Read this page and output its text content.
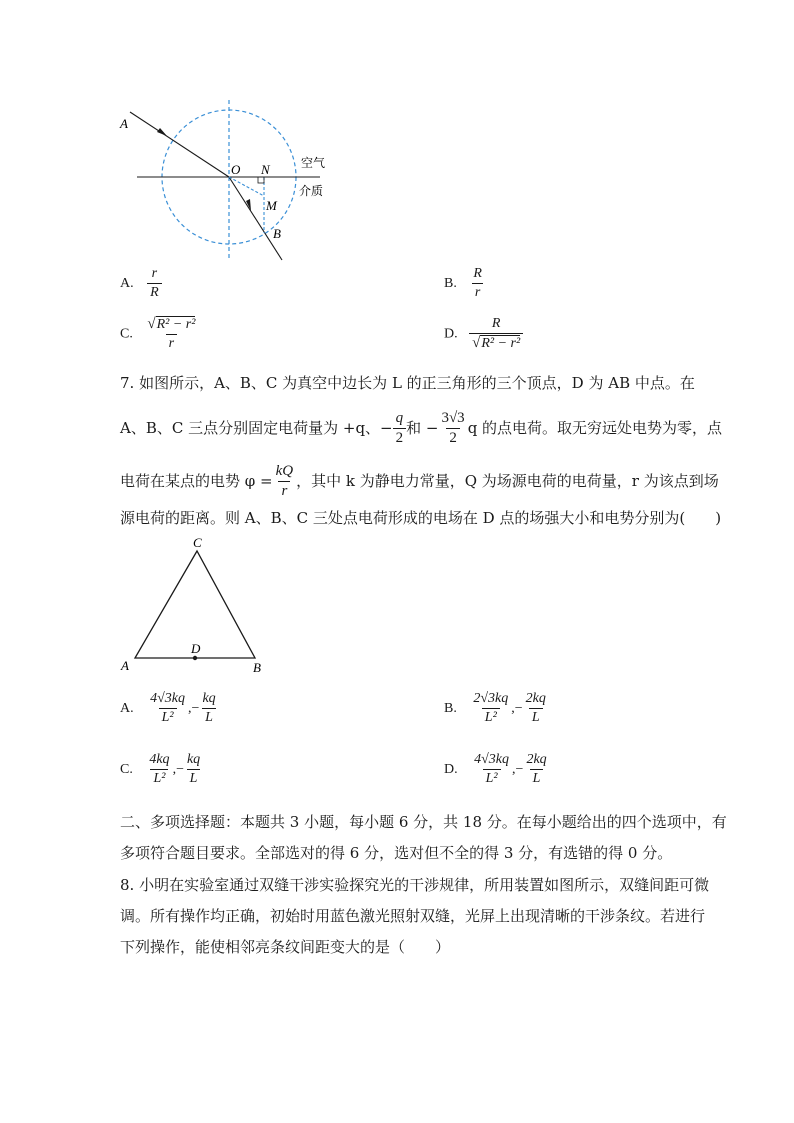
A
O N
M
B
空气
介质
A. $\frac{r}{R}$	B. $\frac{R}{r}$
C. $\frac{\text{√R² − r²}}{r}$	D. $\frac{R}{\text{√R² − r²}}$
7. 如图所示，A、B、C 为真空中边长为 L 的正三角形的三个顶点，D 为 AB 中点。在
A、B、C 三点分别固定电荷量为 +q、− $\frac{q}{2}$ 和 − $\frac{3√3}{2}$ q 的点电荷。取无穷远处电势为零，点
电荷在某点的电势 $\varphi = \frac{kQ}{r}$ ，其中 k 为静电力常量，Q 为场源电荷的电荷量，r 为该点到场
源电荷的距离。则 A、B、C 三处点电荷形成的电场在 D 点的场强大小和电势分别为(　　)
C
D
A	B
A. $\frac{4√3kq}{\text{L²}}$ ,− $\frac{kq}{L}$	B. $\frac{2√3kq}{\text{L²}}$ ,− $\frac{2kq}{L}$
C. $\frac{4kq}{\text{L²}}$ ,− $\frac{kq}{L}$	D. $\frac{4√3kq}{\text{L²}}$ ,− $\frac{2kq}{L}$
二、多项选择题：本题共 3 小题，每小题 6 分，共 18 分。在每小题给出的四个选项中，有
多项符合题目要求。全部选对的得 6 分，选对但不全的得 3 分，有选错的得 0 分。
8. 小明在实验室通过双缝干涉实验探究光的干涉规律，所用装置如图所示，双缝间距可微
调。所有操作均正确，初始时用蓝色激光照射双缝，光屏上出现清晰的干涉条纹。若进行
下列操作，能使相邻亮条纹间距变大的是（　　）
